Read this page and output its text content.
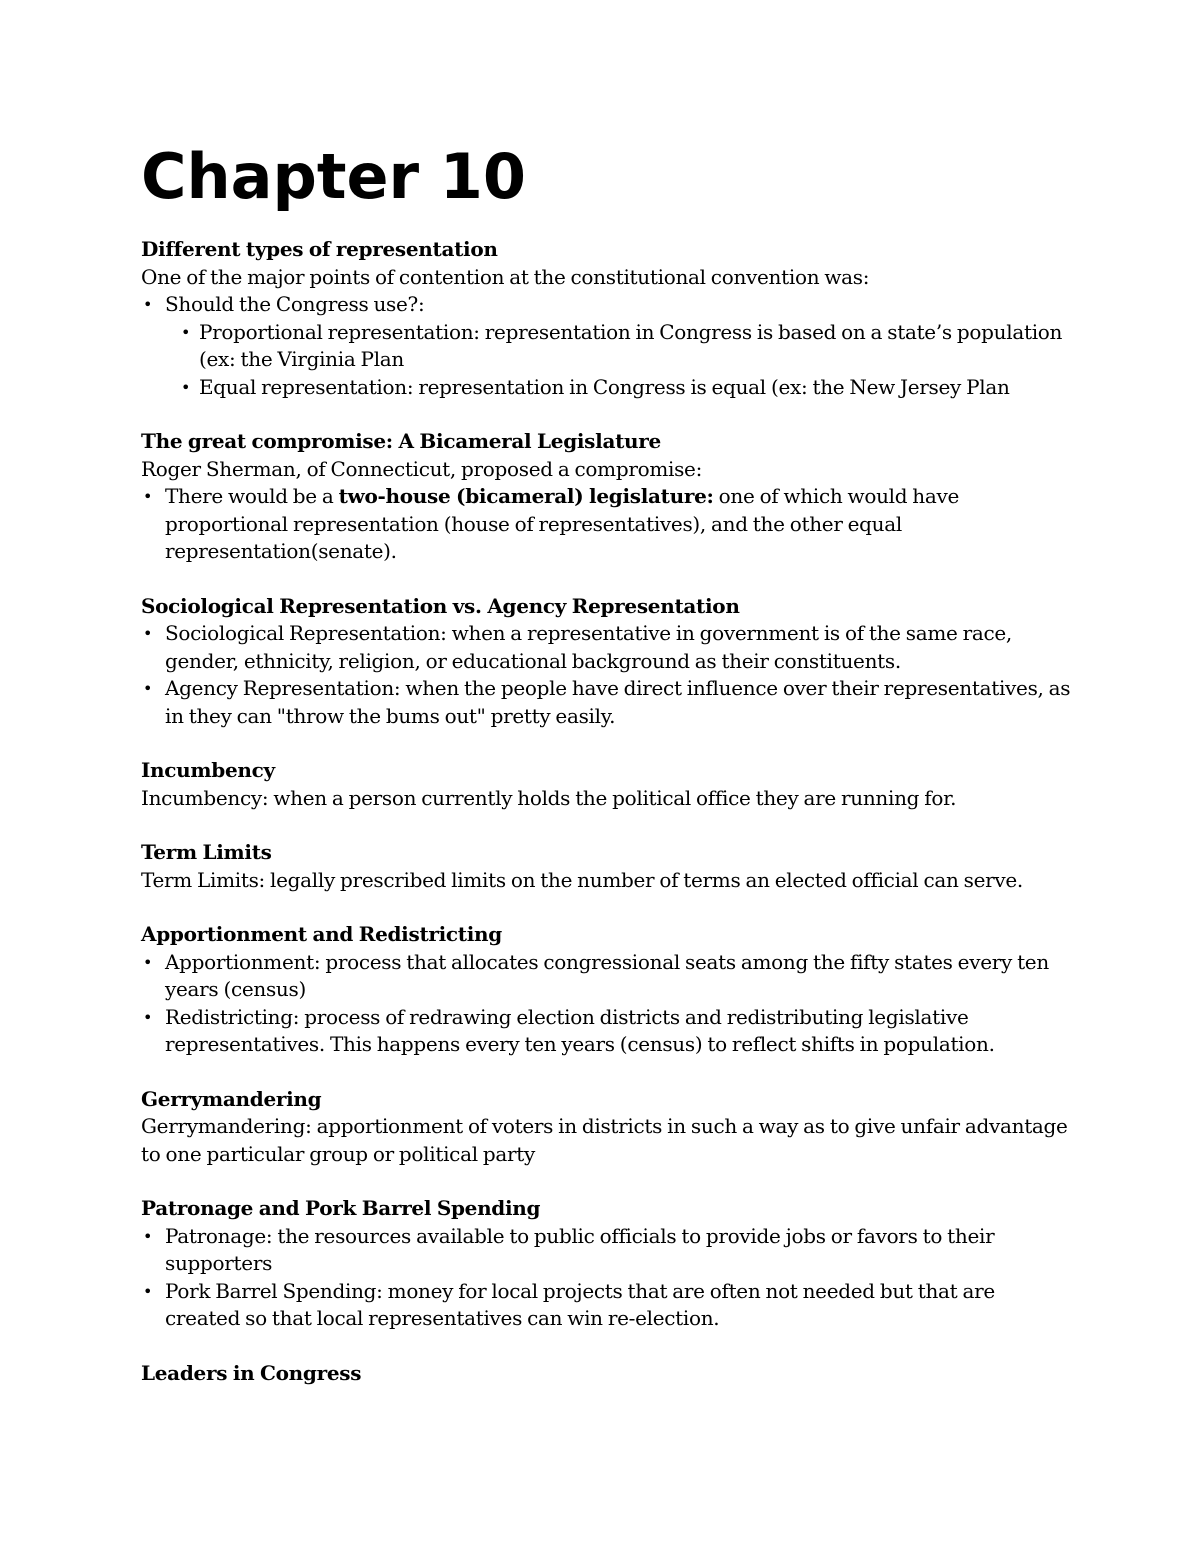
Chapter 10

Different types of representation

One of the major points of contention at the constitutional convention was:

• Should the Congress use?:
• Proportional representation: representation in Congress is based on a state’s population (ex: the Virginia Plan
• Equal representation: representation in Congress is equal (ex: the New Jersey Plan

The great compromise: A Bicameral Legislature

Roger Sherman, of Connecticut, proposed a compromise:

• There would be a two-house (bicameral) legislature: one of which would have proportional representation (house of representatives), and the other equal representation(senate).

Sociological Representation vs. Agency Representation

• Sociological Representation: when a representative in government is of the same race, gender, ethnicity, religion, or educational background as their constituents.
• Agency Representation: when the people have direct influence over their representatives, as in they can "throw the bums out" pretty easily.

Incumbency

Incumbency: when a person currently holds the political office they are running for.

Term Limits

Term Limits: legally prescribed limits on the number of terms an elected official can serve.

Apportionment and Redistricting

• Apportionment: process that allocates congressional seats among the fifty states every ten years (census)
• Redistricting: process of redrawing election districts and redistributing legislative representatives. This happens every ten years (census) to reflect shifts in population.

Gerrymandering

Gerrymandering: apportionment of voters in districts in such a way as to give unfair advantage to one particular group or political party

Patronage and Pork Barrel Spending

• Patronage: the resources available to public officials to provide jobs or favors to their supporters
• Pork Barrel Spending: money for local projects that are often not needed but that are created so that local representatives can win re-election.

Leaders in Congress
